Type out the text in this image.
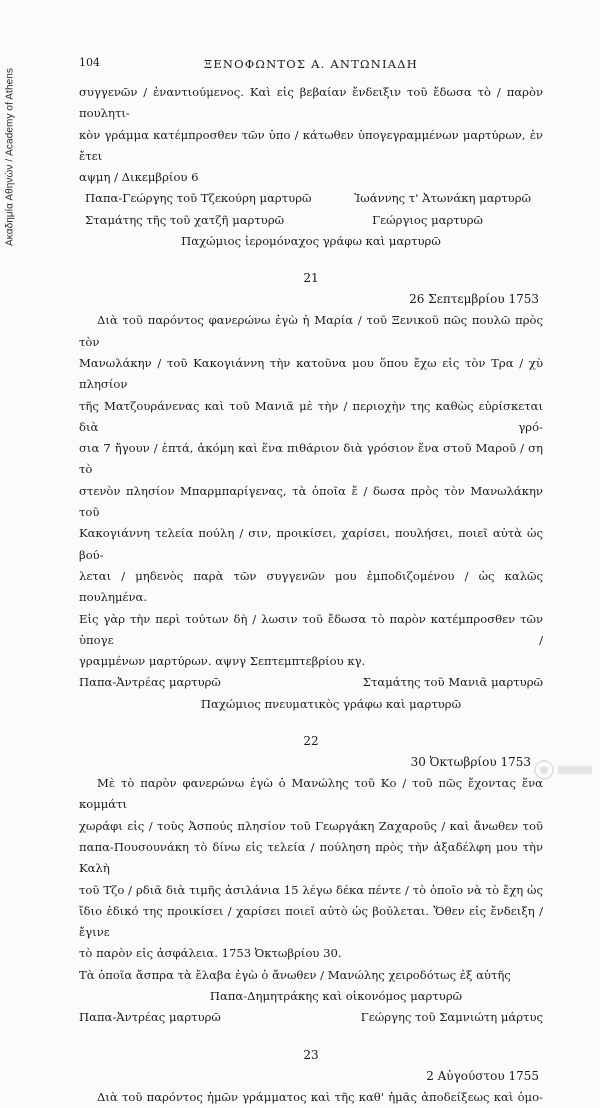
Ακαδημία Αθηνών / Academy of Athens
104	ΞΕΝΟΦΩΝΤΟΣ Α. ΑΝΤΩΝΙΑΔΗ

συγγενῶν / ἐναντιούμενος. Καὶ εἰς βεβαίαν ἔνδειξιν τοῦ ἔδωσα τὸ / παρὸν πουλητι-

κὸν γράμμα κατέμπροσθεν τῶν ὑπο / κάτωθεν ὑπογεγραμμένων μαρτύρων, ἐν ἔτει

αψμη / Δικεμβρίου 6

Παπα-Γεώργης τοῦ Τζεκούρη μαρτυρῶ	Ἰωάννης τ' Ἀτωνάκη μαρτυρῶ
Σταμάτης τῆς τοῦ χατζῆ μαρτυρῶ	Γεώργιος μαρτυρῶ
Παχώμιος ἱερομόναχος γράφω καὶ μαρτυρῶ
21
26 Σεπτεμβρίου 1753

Διὰ τοῦ παρόντος φανερώνω ἐγὼ ἡ Μαρία / τοῦ Ξενικοῦ πῶς πουλῶ πρὸς τὸν

Μανωλάκην / τοῦ Κακογιάννη τὴν κατοῦνα μου ὅπου ἔχω εἰς τὸν Τρα / χὺ πλησίον

τῆς Ματζουράνενας καὶ τοῦ Μανιᾶ μὲ τὴν / περιοχὴν της καθὼς εὑρίσκεται διὰ γρό-

σια 7 ἤγουν / ἑπτά, ἀκόμη καὶ ἕνα πιθάριον διὰ γρόσιον ἕνα στοῦ Μαροῦ / ση τὸ

στενὸν πλησίον Μπαρμπαρίγενας, τὰ ὁποῖα ἔ / δωσα πρὸς τὸν Μανωλάκην τοῦ

Κακογιάννη τελεία πούλη / σιν, προικίσει, χαρίσει, πουλήσει, ποιεῖ αὐτὰ ὡς βού-

λεται / μηδενὸς παρὰ τῶν συγγενῶν μου ἐμποδιζομένου / ὡς καλῶς πουλημένα.

Εἰς γὰρ τὴν περὶ τούτων δὴ / λωσιν τοῦ ἔδωσα τὸ παρὸν κατέμπροσθεν τῶν ὑπογε /

γραμμένων μαρτύρων. αψνγ Σεπτεμπτεβρίου κγ.

Παπα-Ἀντρέας μαρτυρῶ	Σταμάτης τοῦ Μανιᾶ μαρτυρῶ
Παχώμιος πνευματικὸς γράφω καὶ μαρτυρῶ
22
30 Ὀκτωβρίου 1753

Μὲ τὸ παρὸν φανερώνω ἐγὼ ὁ Μανώλης τοῦ Κο / τοῦ πῶς ἔχοντας ἕνα κομμάτι

χωράφι εἰς / τοὺς Ἀσπούς πλησίον τοῦ Γεωργάκη Ζαχαροῦς / καὶ ἄνωθεν τοῦ

παπα-Πουσουνάκη τὸ δίνω εἰς τελεία / πούληση πρὸς τὴν ἀξαδέλφη μου τὴν Καλὴ

τοῦ Τζο / ρδιᾶ διὰ τιμῆς ἀσιλάνια 15 λέγω δέκα πέντε / τὸ ὁποῖο νὰ τὸ ἔχη ὡς

ἴδιο ἐδικό της προικίσει / χαρίσει ποιεῖ αὐτὸ ὡς βούλεται. Ὅθεν εἰς ἔνδειξη / ἔγινε

τὸ παρὸν εἰς ἀσφάλεια. 1753 Ὀκτωβρίου 30.

Τὰ ὁποῖα ἄσπρα τὰ ἔλαβα ἐγὼ ὁ ἄνωθεν / Μανώλης χειροδότως ἐξ αὐτῆς

Παπα-Δημητράκης καὶ οἰκονόμος μαρτυρῶ
Παπα-Ἀντρέας μαρτυρῶ	Γεώργης τοῦ Σαμνιώτη μάρτυς
23
2 Αὐγούστου 1755

Διὰ τοῦ παρόντος ἡμῶν γράμματος καὶ τῆς καθ' ἡμᾶς ἀποδείξεως καὶ ὁμο-
